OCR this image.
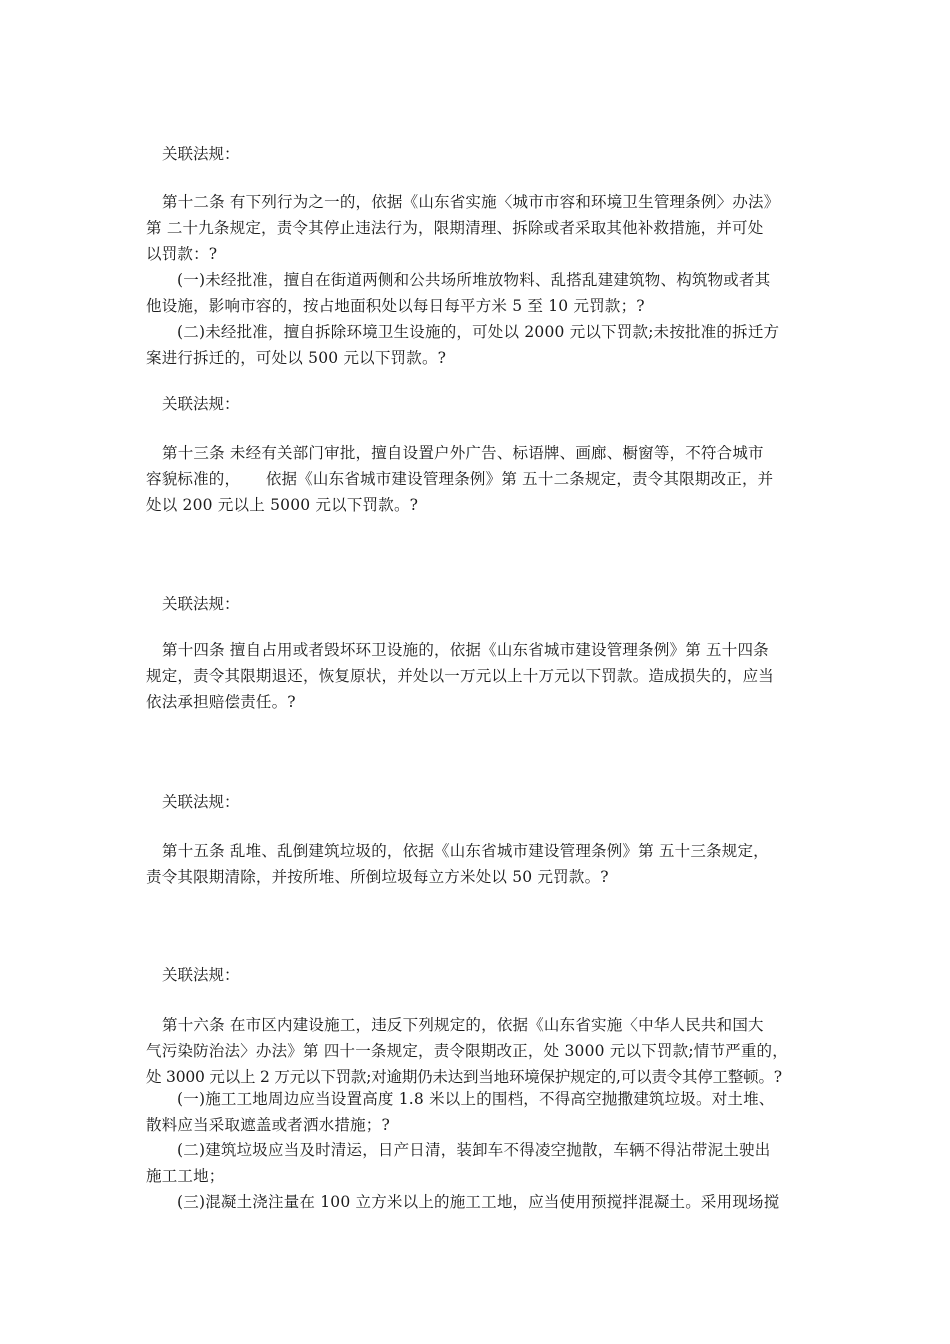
关联法规：
第十二条 有下列行为之一的，依据《山东省实施〈城市市容和环境卫生管理条例〉办法》
第 二十九条规定，责令其停止违法行为，限期清理、拆除或者采取其他补救措施，并可处
以罚款：?
(一)未经批准，擅自在街道两侧和公共场所堆放物料、乱搭乱建建筑物、构筑物或者其
他设施，影响市容的，按占地面积处以每日每平方米 5 至 10 元罚款；?
(二)未经批准，擅自拆除环境卫生设施的，可处以 2000 元以下罚款;未按批准的拆迁方
案进行拆迁的，可处以 500 元以下罚款。?
关联法规：
第十三条 未经有关部门审批，擅自设置户外广告、标语牌、画廊、橱窗等，不符合城市
容貌标准的，     依据《山东省城市建设管理条例》第 五十二条规定，责令其限期改正，并
处以 200 元以上 5000 元以下罚款。?
关联法规：
第十四条 擅自占用或者毁坏环卫设施的，依据《山东省城市建设管理条例》第 五十四条
规定，责令其限期退还，恢复原状，并处以一万元以上十万元以下罚款。造成损失的，应当
依法承担赔偿责任。?
关联法规：
第十五条 乱堆、乱倒建筑垃圾的，依据《山东省城市建设管理条例》第 五十三条规定，
责令其限期清除，并按所堆、所倒垃圾每立方米处以 50 元罚款。?
关联法规：
第十六条 在市区内建设施工，违反下列规定的，依据《山东省实施〈中华人民共和国大
气污染防治法〉办法》第 四十一条规定，责令限期改正，处 3000 元以下罚款;情节严重的，
处 3000 元以上 2 万元以下罚款;对逾期仍未达到当地环境保护规定的,可以责令其停工整顿。?
(一)施工工地周边应当设置高度 1.8 米以上的围档，不得高空抛撒建筑垃圾。对土堆、
散料应当采取遮盖或者洒水措施；?
(二)建筑垃圾应当及时清运，日产日清，装卸车不得凌空抛散，车辆不得沾带泥土驶出
施工工地；
(三)混凝土浇注量在 100 立方米以上的施工工地，应当使用预搅拌混凝土。采用现场搅
